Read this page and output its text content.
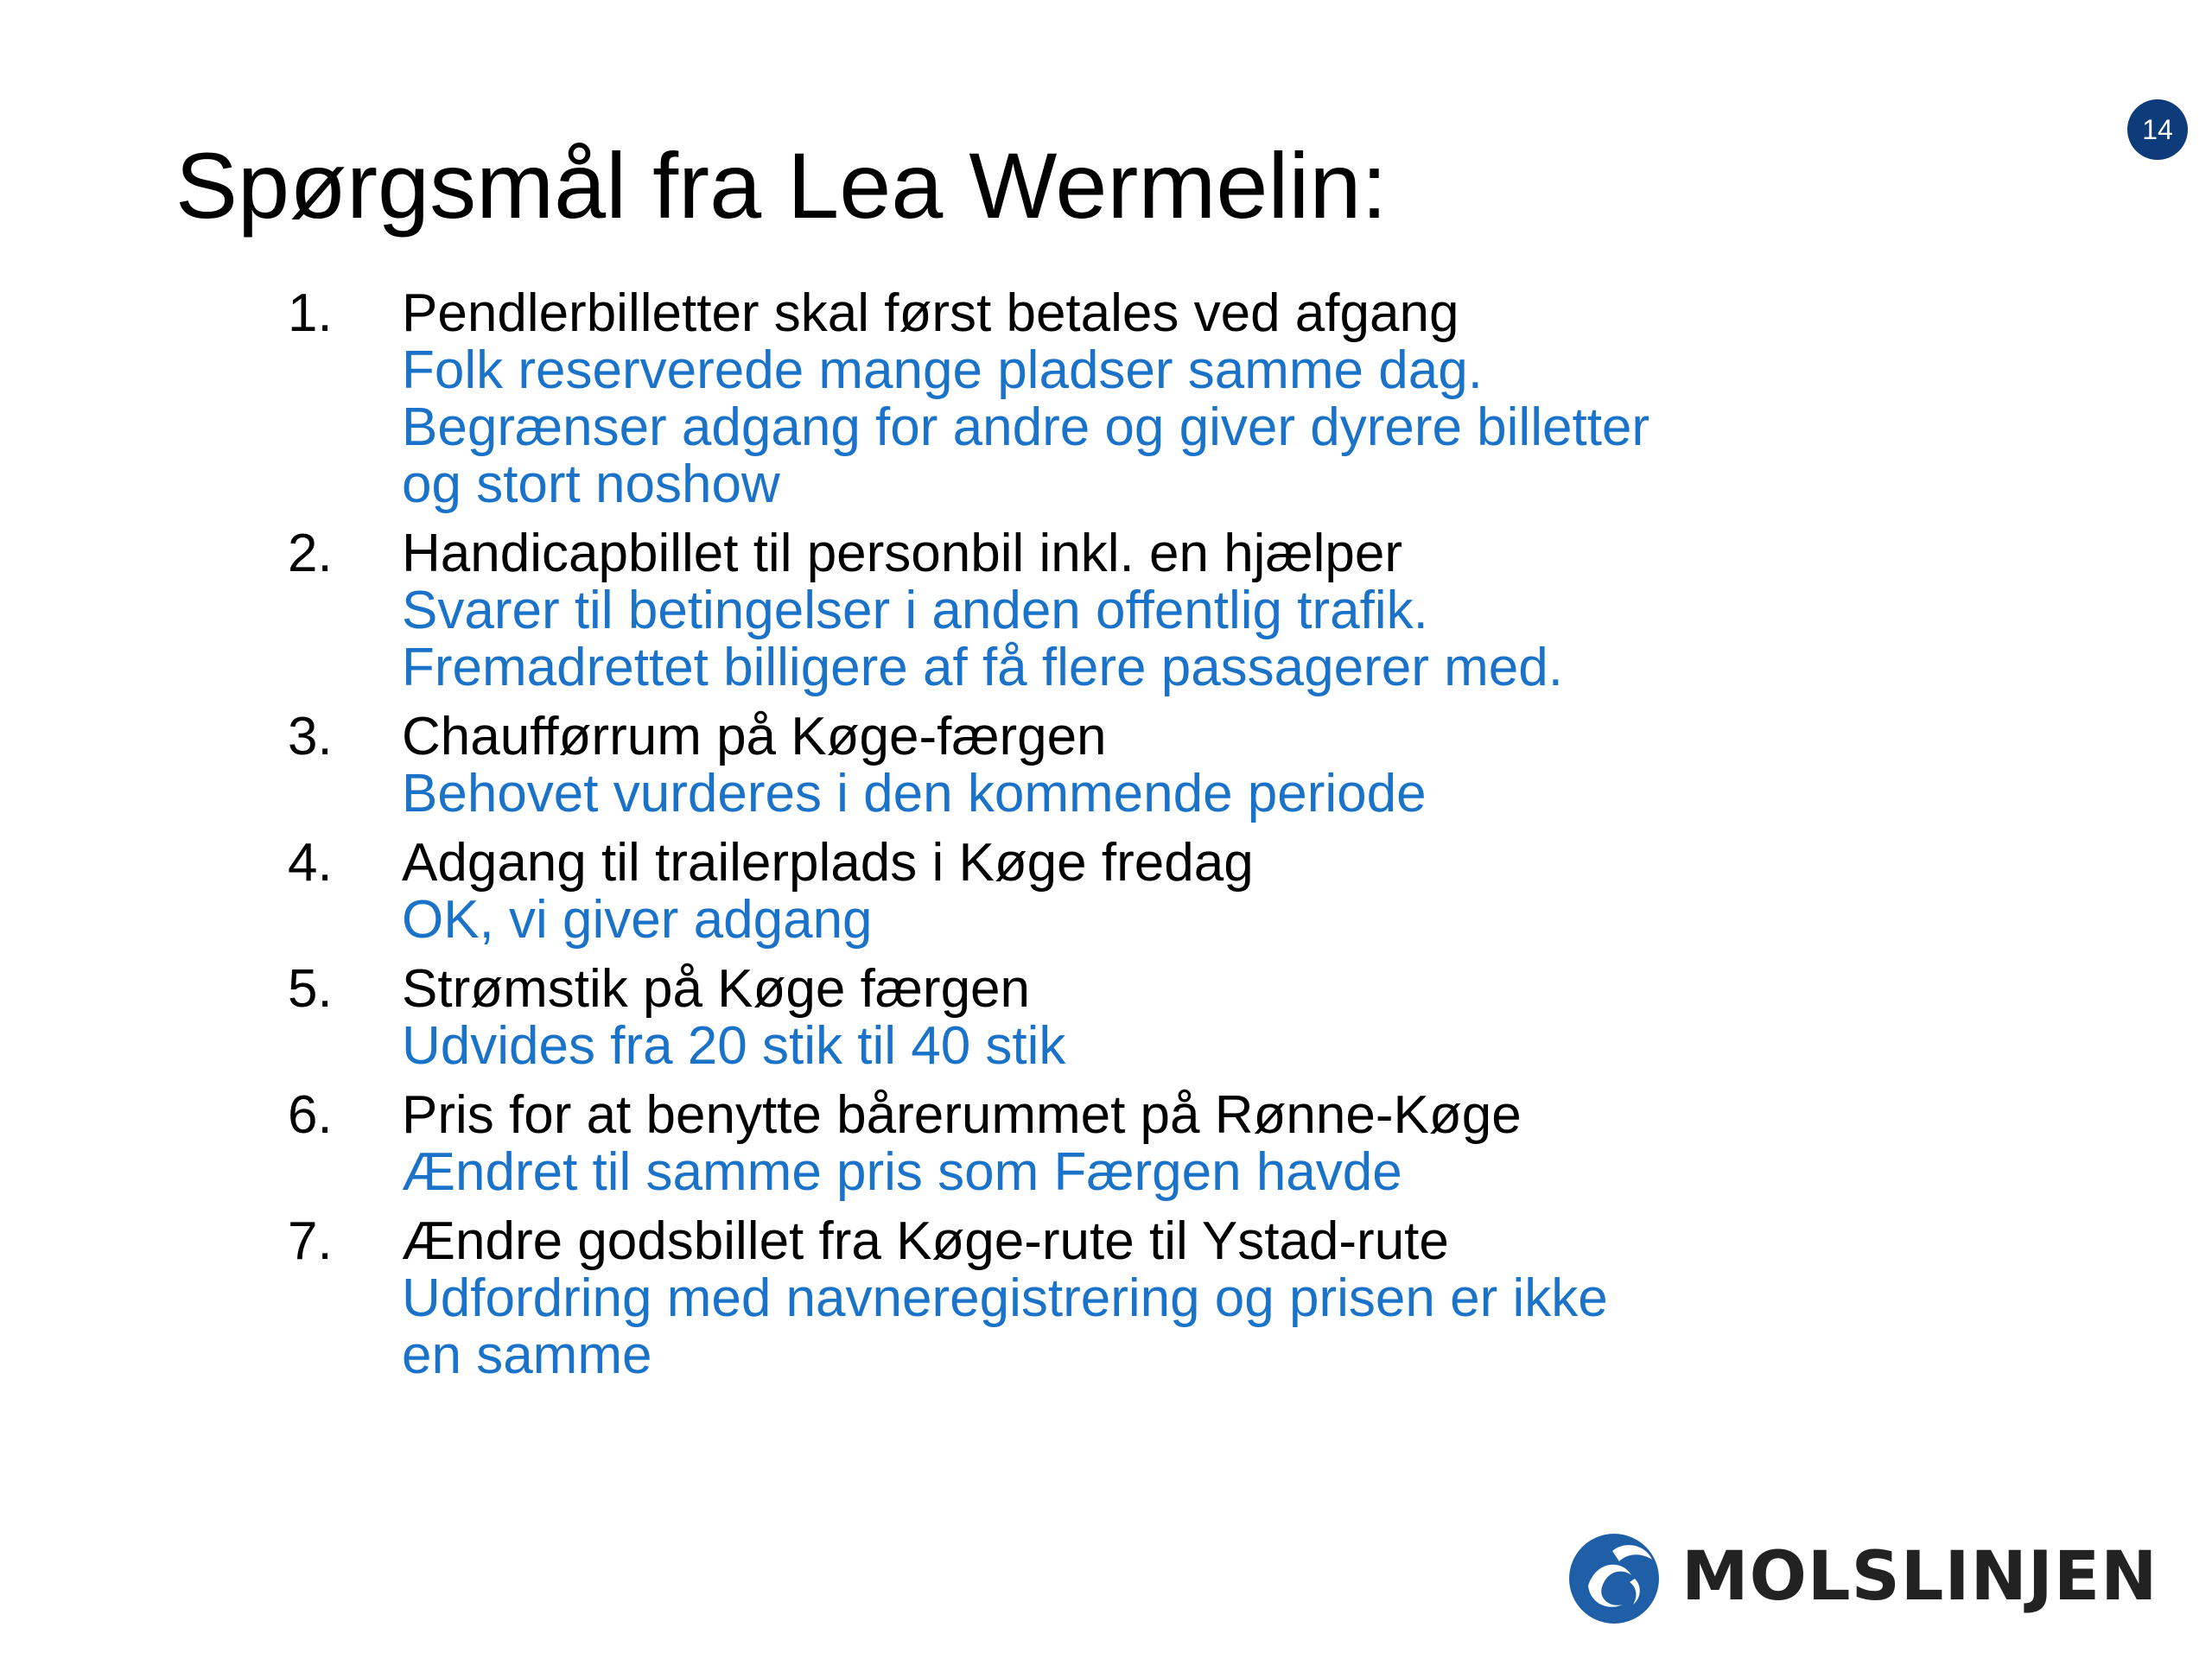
Spørgsmål fra Lea Wermelin:
14
1. Pendlerbilletter skal først betales ved afgang
Folk reserverede mange pladser samme dag.
Begrænser adgang for andre og giver dyrere billetter
og stort noshow
2. Handicapbillet til personbil inkl. en hjælper
Svarer til betingelser i anden offentlig trafik.
Fremadrettet billigere af få flere passagerer med.
3. Chaufførrum på Køge-færgen
Behovet vurderes i den kommende periode
4. Adgang til trailerplads i Køge fredag
OK, vi giver adgang
5. Strømstik på Køge færgen
Udvides fra 20 stik til 40 stik
6. Pris for at benytte bårerummet på Rønne-Køge
Ændret til samme pris som Færgen havde
7. Ændre godsbillet fra Køge-rute til Ystad-rute
Udfordring med navneregistrering og prisen er ikke
en samme
MOLSLINJEN
